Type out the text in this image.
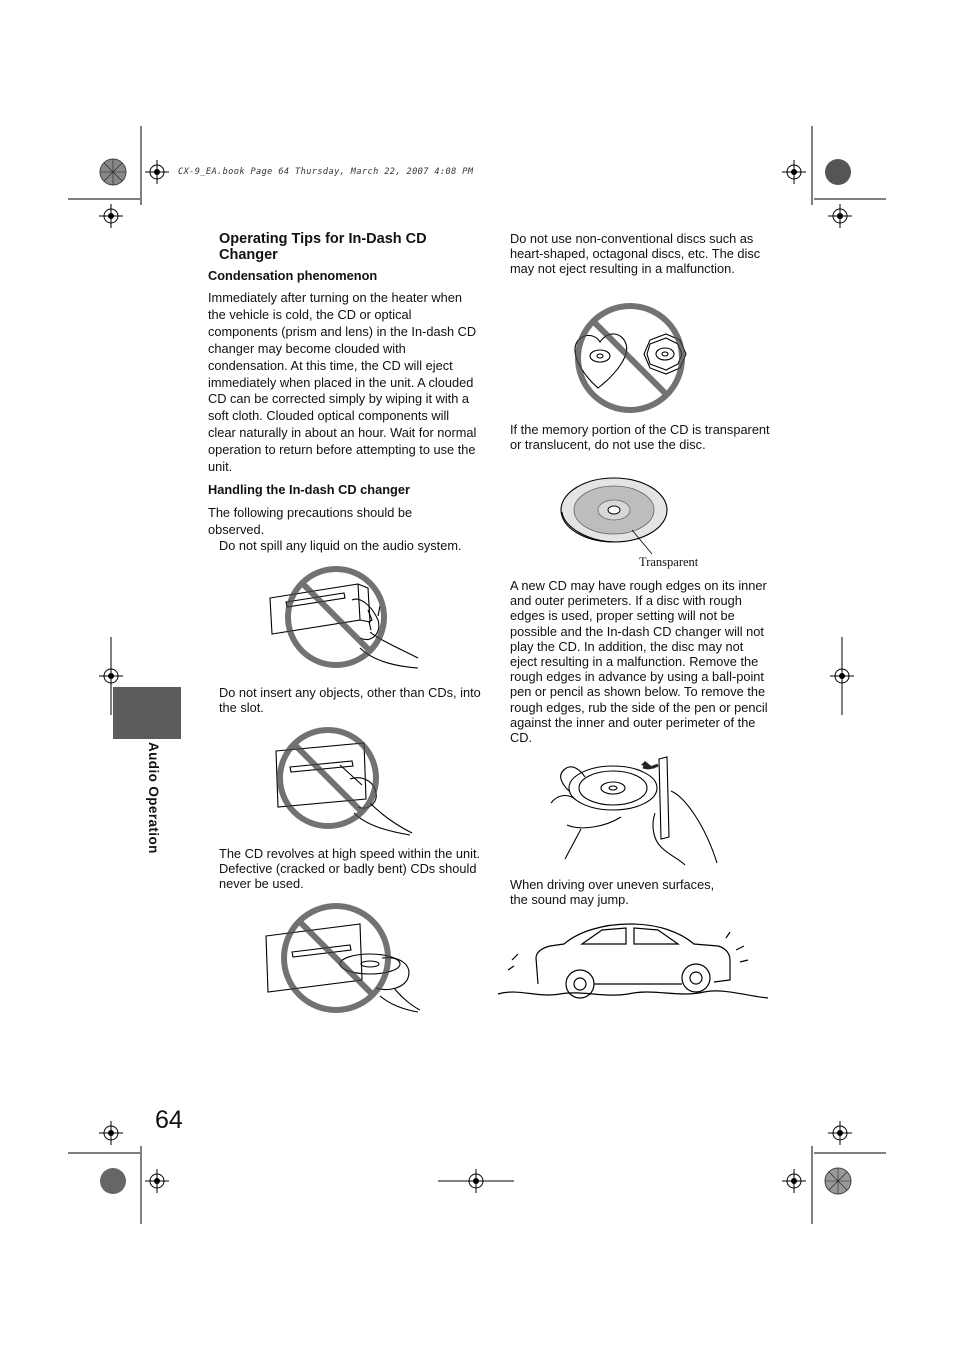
CX-9_EA.book Page 64 Thursday, March 22, 2007 4:08 PM
Audio Operation
64
Operating Tips for In-Dash CD Changer
Condensation phenomenon
Immediately after turning on the heater when the vehicle is cold, the CD or optical components (prism and lens) in the In-dash CD changer may become clouded with condensation. At this time, the CD will eject immediately when placed in the unit. A clouded CD can be corrected simply by wiping it with a soft cloth. Clouded optical components will clear naturally in about an hour. Wait for normal operation to return before attempting to use the unit.
Handling the In-dash CD changer
The following precautions should be observed.
Do not spill any liquid on the audio system.
Do not insert any objects, other than CDs, into the slot.
The CD revolves at high speed within the unit. Defective (cracked or badly bent) CDs should never be used.
Do not use non-conventional discs such as heart-shaped, octagonal discs, etc. The disc may not eject resulting in a malfunction.
If the memory portion of the CD is transparent or translucent, do not use the disc.
Transparent
A new CD may have rough edges on its inner and outer perimeters. If a disc with rough edges is used, proper setting will not be possible and the In-dash CD changer will not play the CD. In addition, the disc may not eject resulting in a malfunction. Remove the rough edges in advance by using a ball-point pen or pencil as shown below. To remove the rough edges, rub the side of the pen or pencil against the inner and outer perimeter of the CD.
When driving over uneven surfaces,
the sound may jump.
